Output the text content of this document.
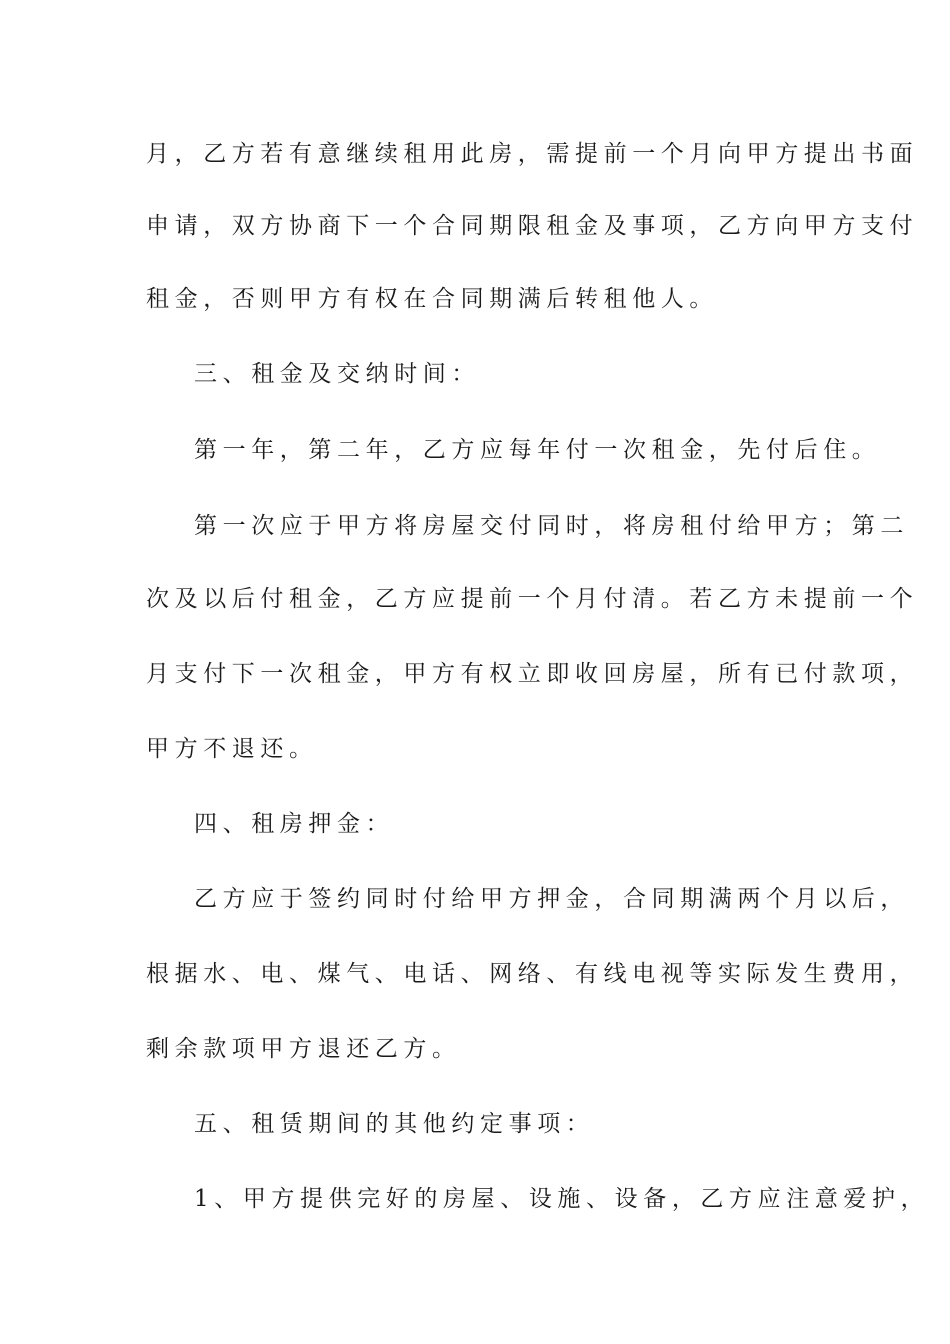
月，乙方若有意继续租用此房，需提前一个月向甲方提出书面
申请，双方协商下一个合同期限租金及事项，乙方向甲方支付
租金，否则甲方有权在合同期满后转租他人。
三、租金及交纳时间：
第一年，第二年，乙方应每年付一次租金，先付后住。
第一次应于甲方将房屋交付同时，将房租付给甲方；第二
次及以后付租金，乙方应提前一个月付清。若乙方未提前一个
月支付下一次租金，甲方有权立即收回房屋，所有已付款项，
甲方不退还。
四、租房押金：
乙方应于签约同时付给甲方押金，合同期满两个月以后，
根据水、电、煤气、电话、网络、有线电视等实际发生费用，
剩余款项甲方退还乙方。
五、租赁期间的其他约定事项：
1、甲方提供完好的房屋、设施、设备，乙方应注意爱护，
